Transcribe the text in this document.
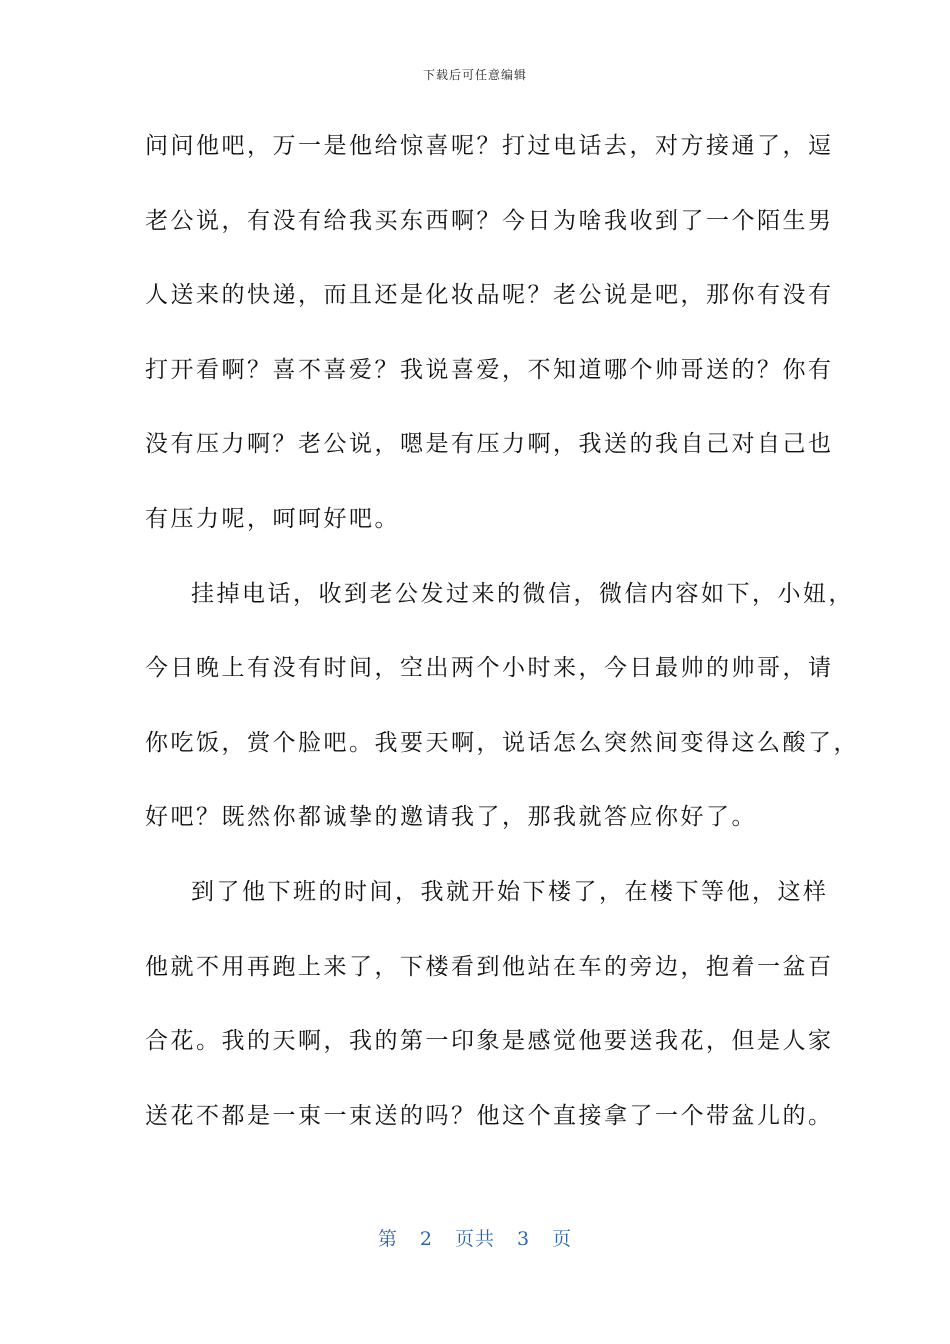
下载后可任意编辑
问问他吧，万一是他给惊喜呢？打过电话去，对方接通了，逗
老公说，有没有给我买东西啊？今日为啥我收到了一个陌生男
人送来的快递，而且还是化妆品呢？老公说是吧，那你有没有
打开看啊？喜不喜爱？我说喜爱，不知道哪个帅哥送的？你有
没有压力啊？老公说，嗯是有压力啊，我送的我自己对自己也
有压力呢，呵呵好吧。
挂掉电话，收到老公发过来的微信，微信内容如下，小妞，
今日晚上有没有时间，空出两个小时来，今日最帅的帅哥，请
你吃饭，赏个脸吧。我要天啊，说话怎么突然间变得这么酸了，
好吧？既然你都诚挚的邀请我了，那我就答应你好了。
到了他下班的时间，我就开始下楼了，在楼下等他，这样
他就不用再跑上来了，下楼看到他站在车的旁边，抱着一盆百
合花。我的天啊，我的第一印象是感觉他要送我花，但是人家
送花不都是一束一束送的吗？他这个直接拿了一个带盆儿的。
第 2 页共 3 页
